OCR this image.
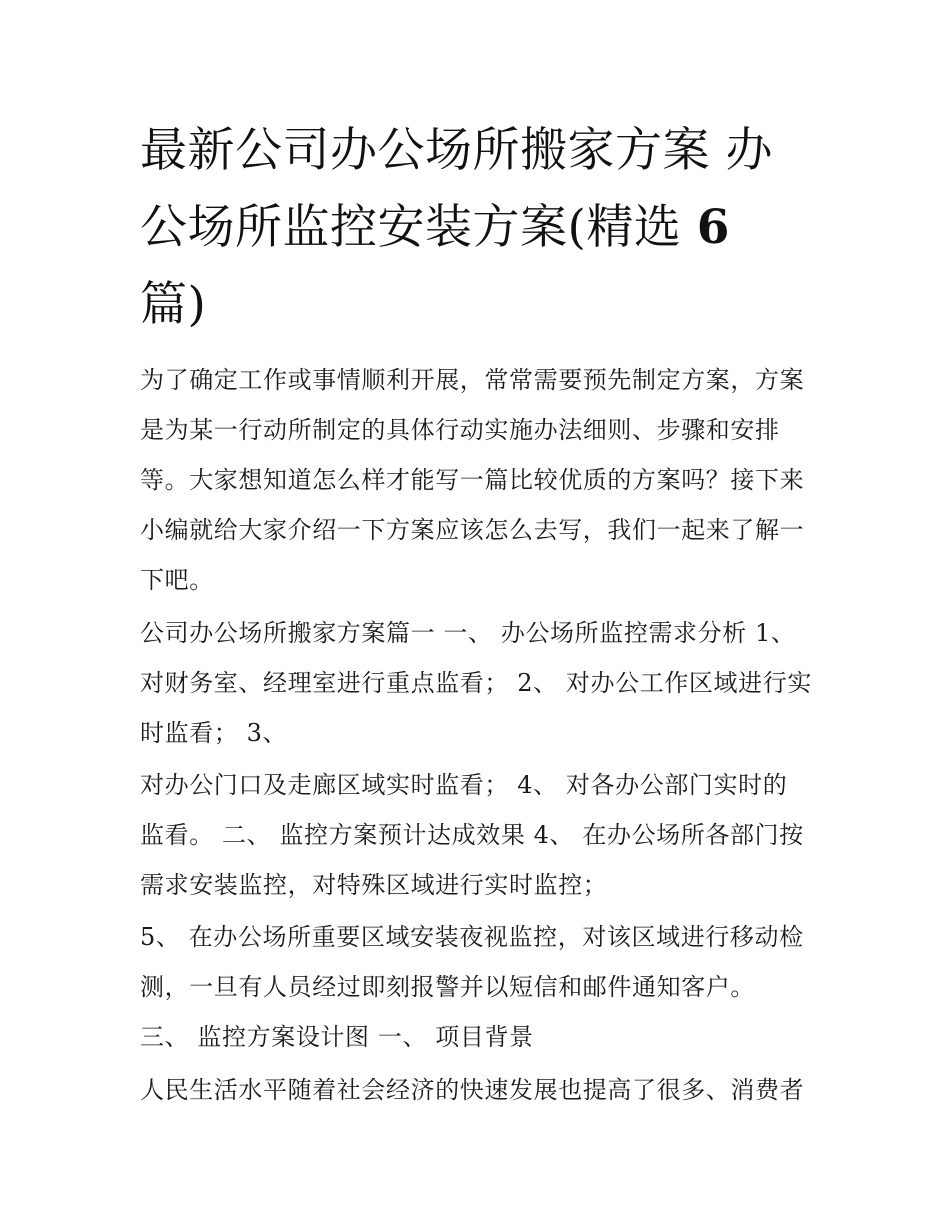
最新公司办公场所搬家方案 办
公场所监控安装方案(精选 6
篇)

为了确定工作或事情顺利开展，常常需要预先制定方案，方案

是为某一行动所制定的具体行动实施办法细则、步骤和安排

等。大家想知道怎么样才能写一篇比较优质的方案吗？接下来

小编就给大家介绍一下方案应该怎么去写，我们一起来了解一

下吧。

公司办公场所搬家方案篇一 一、 办公场所监控需求分析 1、

对财务室、经理室进行重点监看； 2、 对办公工作区域进行实

时监看； 3、

对办公门口及走廊区域实时监看； 4、 对各办公部门实时的

监看。 二、 监控方案预计达成效果 4、 在办公场所各部门按

需求安装监控，对特殊区域进行实时监控；

5、 在办公场所重要区域安装夜视监控，对该区域进行移动检

测，一旦有人员经过即刻报警并以短信和邮件通知客户。

三、 监控方案设计图 一、 项目背景

人民生活水平随着社会经济的快速发展也提高了很多、消费者
